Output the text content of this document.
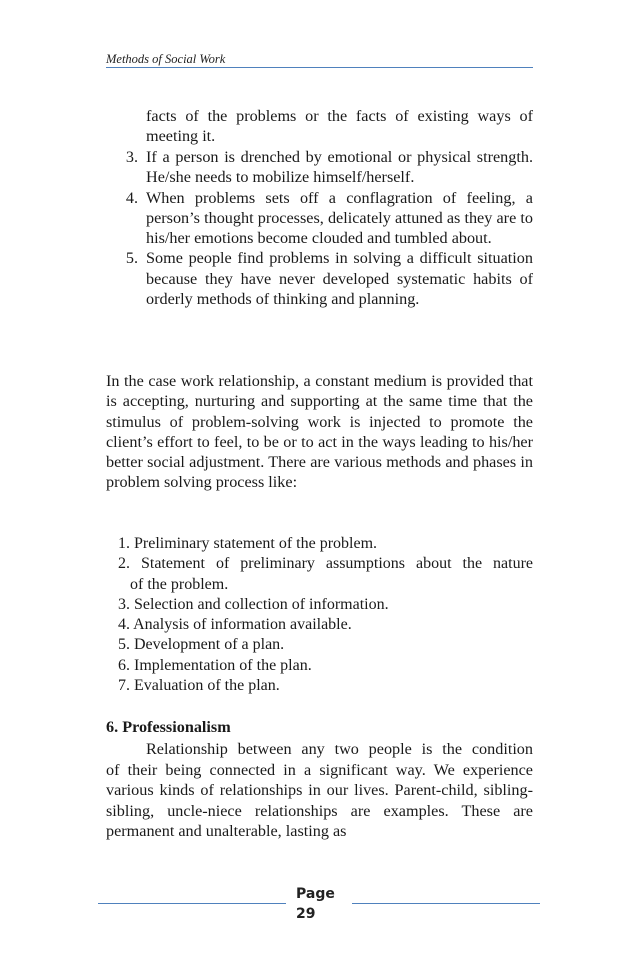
Methods of Social Work
facts of the problems or the facts of existing ways of
meeting it.
3. If a person is drenched by emotional or physical strength. He/she needs to mobilize himself/herself.
4. When problems sets off a conflagration of feeling, a person’s thought processes, delicately attuned as they are to his/her emotions become clouded and tumbled about.
5. Some people find problems in solving a difficult situation because they have never developed systematic habits of orderly methods of thinking and planning.
In the case work relationship, a constant medium is provided that is accepting, nurturing and supporting at the same time that the stimulus of problem-solving work is injected to promote the client’s effort to feel, to be or to act in the ways leading to his/her better social adjustment. There are various methods and phases in problem solving process like:
1. Preliminary statement of the problem.
2. Statement of preliminary assumptions about the nature
of the problem.
3. Selection and collection of information.
4. Analysis of information available.
5. Development of a plan.
6. Implementation of the plan.
7. Evaluation of the plan.
6. Professionalism
Relationship between any two people is the condition
of their being connected in a significant way. We experience various kinds of relationships in our lives. Parent-child, sibling-sibling, uncle-niece relationships are examples. These are permanent and unalterable, lasting as
Page
29
